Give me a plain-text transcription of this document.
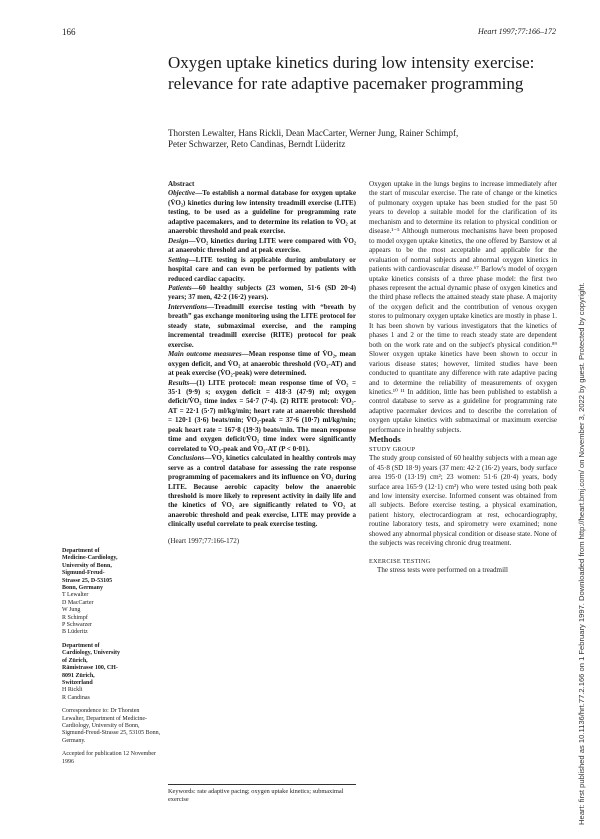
166	Heart 1997;77:166–172
Oxygen uptake kinetics during low intensity exercise: relevance for rate adaptive pacemaker programming
Thorsten Lewalter, Hans Rickli, Dean MacCarter, Werner Jung, Rainer Schimpf,
Peter Schwarzer, Reto Candinas, Berndt Lüderitz

Department of
Medicine-Cardiology,
University of Bonn,
Sigmund-Freud-
Strasse 25, D-53105
Bonn, Germany
T Lewalter
D MacCarter
W Jung
R Schimpf
P Schwarzer
B Lüderitz

Department of
Cardiology, University
of Zürich,
Rämistrasse 100, CH-
8091 Zürich,
Switzerland
H Rickli
R Candinas

Correspondence to: Dr Thorsten Lewalter, Department of Medicine-Cardiology, University of Bonn, Sigmund-Freud-Strasse 25, 53105 Bonn, Germany.

Accepted for publication 12 November 1996

Abstract

Objective—To establish a normal database for oxygen uptake (V̇O₂) kinetics during low intensity treadmill exercise (LITE) testing, to be used as a guideline for programming rate adaptive pacemakers, and to determine its relation to V̇O₂ at anaerobic threshold and peak exercise.

Design—V̇O₂ kinetics during LITE were compared with V̇O₂ at anaerobic threshold and at peak exercise.

Setting—LITE testing is applicable during ambulatory or hospital care and can even be performed by patients with reduced cardiac capacity.

Patients—60 healthy subjects (23 women, 51·6 (SD 20·4) years; 37 men, 42·2 (16·2) years).

Interventions—Treadmill exercise testing with “breath by breath” gas exchange monitoring using the LITE protocol for steady state, submaximal exercise, and the ramping incremental treadmill exercise (RITE) protocol for peak exercise.

Main outcome measures—Mean response time of V̇O₂, mean oxygen deficit, and V̇O₂ at anaerobic threshold (V̇O₂-AT) and at peak exercise (V̇O₂-peak) were determined.

Results—(1) LITE protocol: mean response time of V̇O₂ = 35·1 (9·9) s; oxygen deficit = 418·3 (47·9) ml; oxygen deficit/V̇O₂ time index = 54·7 (7·4). (2) RITE protocol: V̇O₂-AT = 22·1 (5·7) ml/kg/min; heart rate at anaerobic threshold = 120·1 (3·6) beats/min; V̇O₂-peak = 37·6 (10·7) ml/kg/min; peak heart rate = 167·8 (19·3) beats/min. The mean response time and oxygen deficit/V̇O₂ time index were significantly correlated to V̇O₂-peak and V̇O₂-AT (P < 0·01).

Conclusions—V̇O₂ kinetics calculated in healthy controls may serve as a control database for assessing the rate response programming of pacemakers and its influence on V̇O₂ during LITE. Because aerobic capacity below the anaerobic threshold is more likely to represent activity in daily life and the kinetics of V̇O₂ are significantly related to V̇O₂ at anaerobic threshold and peak exercise, LITE may provide a clinically useful correlate to peak exercise testing.

(Heart 1997;77:166-172)

Keywords: rate adaptive pacing; oxygen uptake kinetics; submaximal exercise

Oxygen uptake in the lungs begins to increase immediately after the start of muscular exercise. The rate of change or the kinetics of pulmonary oxygen uptake has been studied for the past 50 years to develop a suitable model for the clarification of its mechanism and to determine its relation to physical condition or disease.¹⁻⁵ Although numerous mechanisms have been proposed to model oxygen uptake kinetics, the one offered by Barstow et al appears to be the most acceptable and applicable for the evaluation of normal subjects and abnormal oxygen kinetics in patients with cardiovascular disease.⁶⁷ Barlow's model of oxygen uptake kinetics consists of a three phase model: the first two phases represent the actual dynamic phase of oxygen kinetics and the third phase reflects the attained steady state phase. A majority of the oxygen deficit and the contribution of venous oxygen stores to pulmonary oxygen uptake kinetics are mostly in phase 1. It has been shown by various investigators that the kinetics of phases 1 and 2 or the time to reach steady state are dependent both on the work rate and on the subject's physical condition.⁸⁹ Slower oxygen uptake kinetics have been shown to occur in various disease states; however, limited studies have been conducted to quantitate any difference with rate adaptive pacing and to determine the reliability of measurements of oxygen kinetics.¹⁰ ¹¹ In addition, little has been published to establish a control database to serve as a guideline for programming rate adaptive pacemaker devices and to describe the correlation of oxygen uptake kinetics with submaximal or maximum exercise performance in healthy subjects.

Methods

STUDY GROUP

The study group consisted of 60 healthy subjects with a mean age of 45·8 (SD 18·9) years (37 men: 42·2 (16·2) years, body surface area 195·0 (13·19) cm²; 23 women: 51·6 (20·4) years, body surface area 165·9 (12·1) cm²) who were tested using both peak and low intensity exercise. Informed consent was obtained from all subjects. Before exercise testing, a physical examination, patient history, electrocardiogram at rest, echocardiography, routine laboratory tests, and spirometry were examined; none showed any abnormal physical condition or disease state. None of the subjects was receiving chronic drug treatment.

EXERCISE TESTING

The stress tests were performed on a treadmill	Heart: first published as 10.1136/hrt.77.2.166 on 1 February 1997. Downloaded from http://heart.bmj.com/ on November 3, 2022 by guest. Protected by copyright.
